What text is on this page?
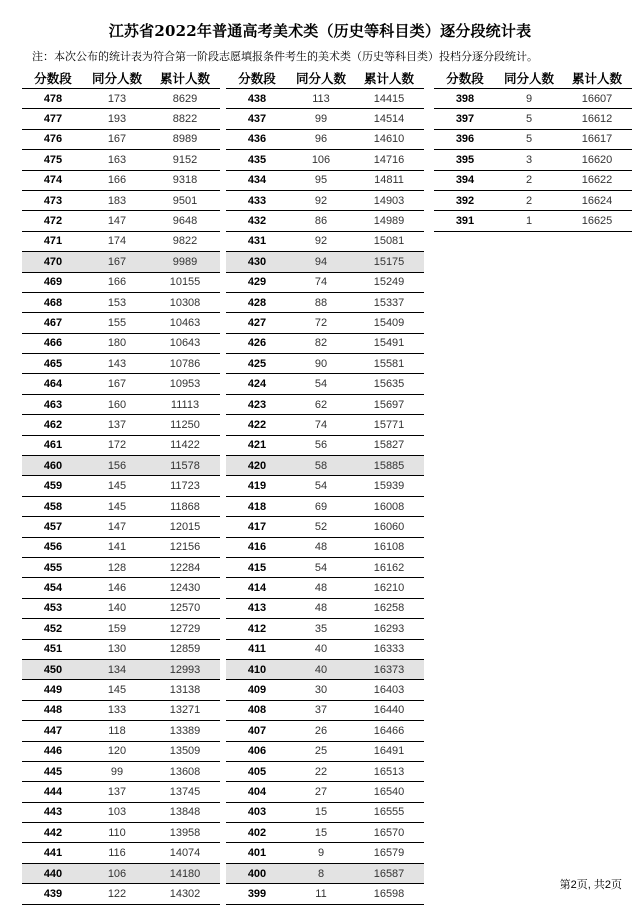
江苏省2022年普通高考美术类（历史等科目类）逐分段统计表
注：本次公布的统计表为符合第一阶段志愿填报条件考生的美术类（历史等科目类）投档分逐分段统计。
分数段	同分人数	累计人数
478	173	8629
477	193	8822
476	167	8989
475	163	9152
474	166	9318
473	183	9501
472	147	9648
471	174	9822
470	167	9989
469	166	10155
468	153	10308
467	155	10463
466	180	10643
465	143	10786
464	167	10953
463	160	11113
462	137	11250
461	172	11422
460	156	11578
459	145	11723
458	145	11868
457	147	12015
456	141	12156
455	128	12284
454	146	12430
453	140	12570
452	159	12729
451	130	12859
450	134	12993
449	145	13138
448	133	13271
447	118	13389
446	120	13509
445	99	13608
444	137	13745
443	103	13848
442	110	13958
441	116	14074
440	106	14180
439	122	14302
分数段	同分人数	累计人数
438	113	14415
437	99	14514
436	96	14610
435	106	14716
434	95	14811
433	92	14903
432	86	14989
431	92	15081
430	94	15175
429	74	15249
428	88	15337
427	72	15409
426	82	15491
425	90	15581
424	54	15635
423	62	15697
422	74	15771
421	56	15827
420	58	15885
419	54	15939
418	69	16008
417	52	16060
416	48	16108
415	54	16162
414	48	16210
413	48	16258
412	35	16293
411	40	16333
410	40	16373
409	30	16403
408	37	16440
407	26	16466
406	25	16491
405	22	16513
404	27	16540
403	15	16555
402	15	16570
401	9	16579
400	8	16587
399	11	16598
分数段	同分人数	累计人数
398	9	16607
397	5	16612
396	5	16617
395	3	16620
394	2	16622
392	2	16624
391	1	16625
第2页, 共2页
